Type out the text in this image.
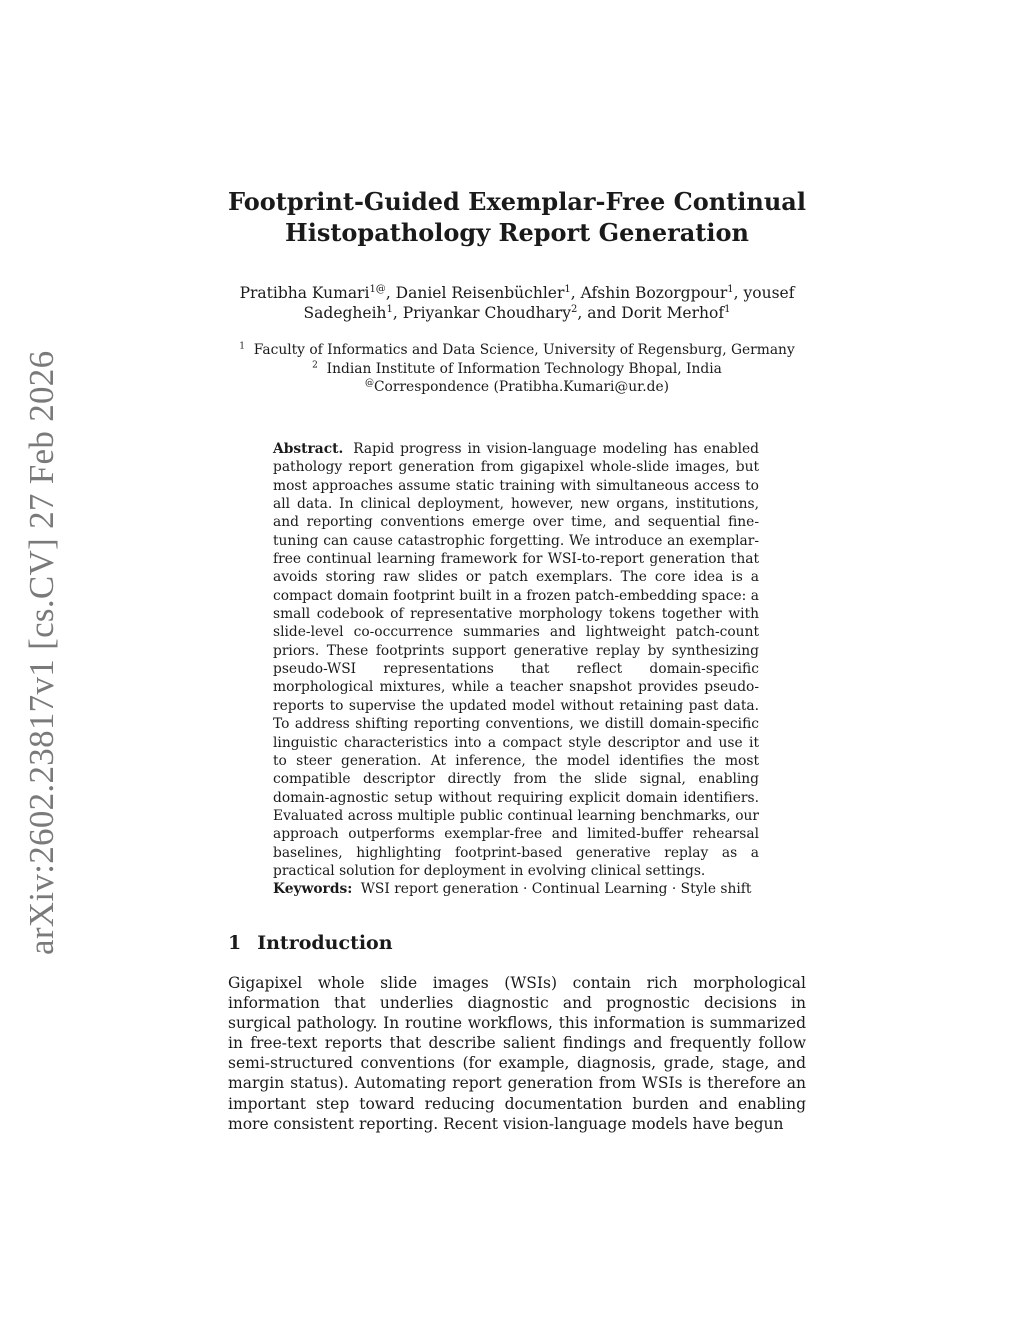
arXiv:2602.23817v1 [cs.CV] 27 Feb 2026
Footprint-Guided Exemplar-Free Continual
Histopathology Report Generation
Pratibha Kumari$^{1@}$, Daniel Reisenbüchler$^1$, Afshin Bozorgpour$^1$, yousef Sadegheih$^1$, Priyankar Choudhary$^2$, and Dorit Merhof$^1$
$^1$ Faculty of Informatics and Data Science, University of Regensburg, Germany
$^2$ Indian Institute of Information Technology Bhopal, India
@Correspondence (Pratibha.Kumari@ur.de)
Abstract. Rapid progress in vision-language modeling has enabled pathology report generation from gigapixel whole-slide images, but most approaches assume static training with simultaneous access to all data. In clinical deployment, however, new organs, institutions, and reporting conventions emerge over time, and sequential fine-tuning can cause catastrophic forgetting. We introduce an exemplar-free continual learning framework for WSI-to-report generation that avoids storing raw slides or patch exemplars. The core idea is a compact domain footprint built in a frozen patch-embedding space: a small codebook of representative morphology tokens together with slide-level co-occurrence summaries and lightweight patch-count priors. These footprints support generative replay by synthesizing pseudo-WSI representations that reflect domain-specific morphological mixtures, while a teacher snapshot provides pseudo-reports to supervise the updated model without retaining past data. To address shifting reporting conventions, we distill domain-specific linguistic characteristics into a compact style descriptor and use it to steer generation. At inference, the model identifies the most compatible descriptor directly from the slide signal, enabling domain-agnostic setup without requiring explicit domain identifiers. Evaluated across multiple public continual learning benchmarks, our approach outperforms exemplar-free and limited-buffer rehearsal baselines, highlighting footprint-based generative replay as a practical solution for deployment in evolving clinical settings.
Keywords: WSI report generation · Continual Learning · Style shift
1 Introduction
Gigapixel whole slide images (WSIs) contain rich morphological information that underlies diagnostic and prognostic decisions in surgical pathology. In routine workflows, this information is summarized in free-text reports that describe salient findings and frequently follow semi-structured conventions (for example, diagnosis, grade, stage, and margin status). Automating report generation from WSIs is therefore an important step toward reducing documentation burden and enabling more consistent reporting. Recent vision-language models have begun
